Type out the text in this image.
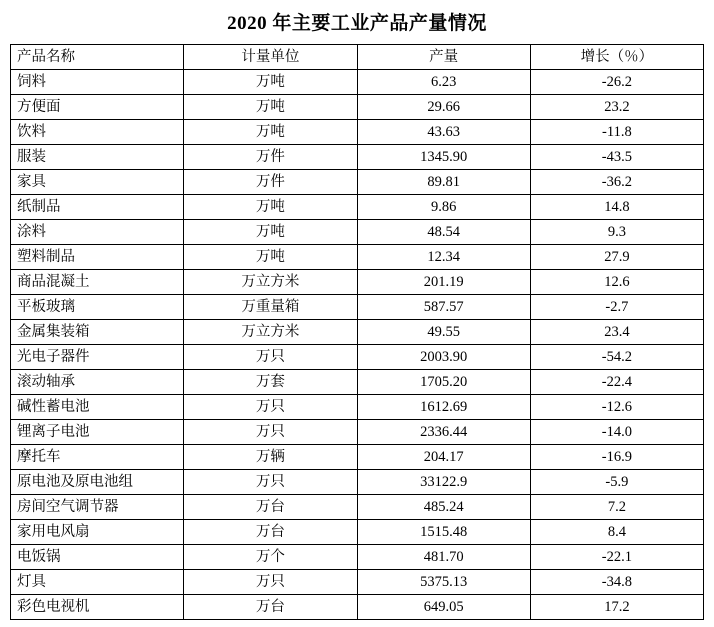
2020 年主要工业产品产量情况
产品名称	计量单位	产量	增长（％）
饲料	万吨	6.23	-26.2
方便面	万吨	29.66	23.2
饮料	万吨	43.63	-11.8
服装	万件	1345.90	-43.5
家具	万件	89.81	-36.2
纸制品	万吨	9.86	14.8
涂料	万吨	48.54	9.3
塑料制品	万吨	12.34	27.9
商品混凝土	万立方米	201.19	12.6
平板玻璃	万重量箱	587.57	-2.7
金属集装箱	万立方米	49.55	23.4
光电子器件	万只	2003.90	-54.2
滚动轴承	万套	1705.20	-22.4
碱性蓄电池	万只	1612.69	-12.6
锂离子电池	万只	2336.44	-14.0
摩托车	万辆	204.17	-16.9
原电池及原电池组	万只	33122.9	-5.9
房间空气调节器	万台	485.24	7.2
家用电风扇	万台	1515.48	8.4
电饭锅	万个	481.70	-22.1
灯具	万只	5375.13	-34.8
彩色电视机	万台	649.05	17.2
